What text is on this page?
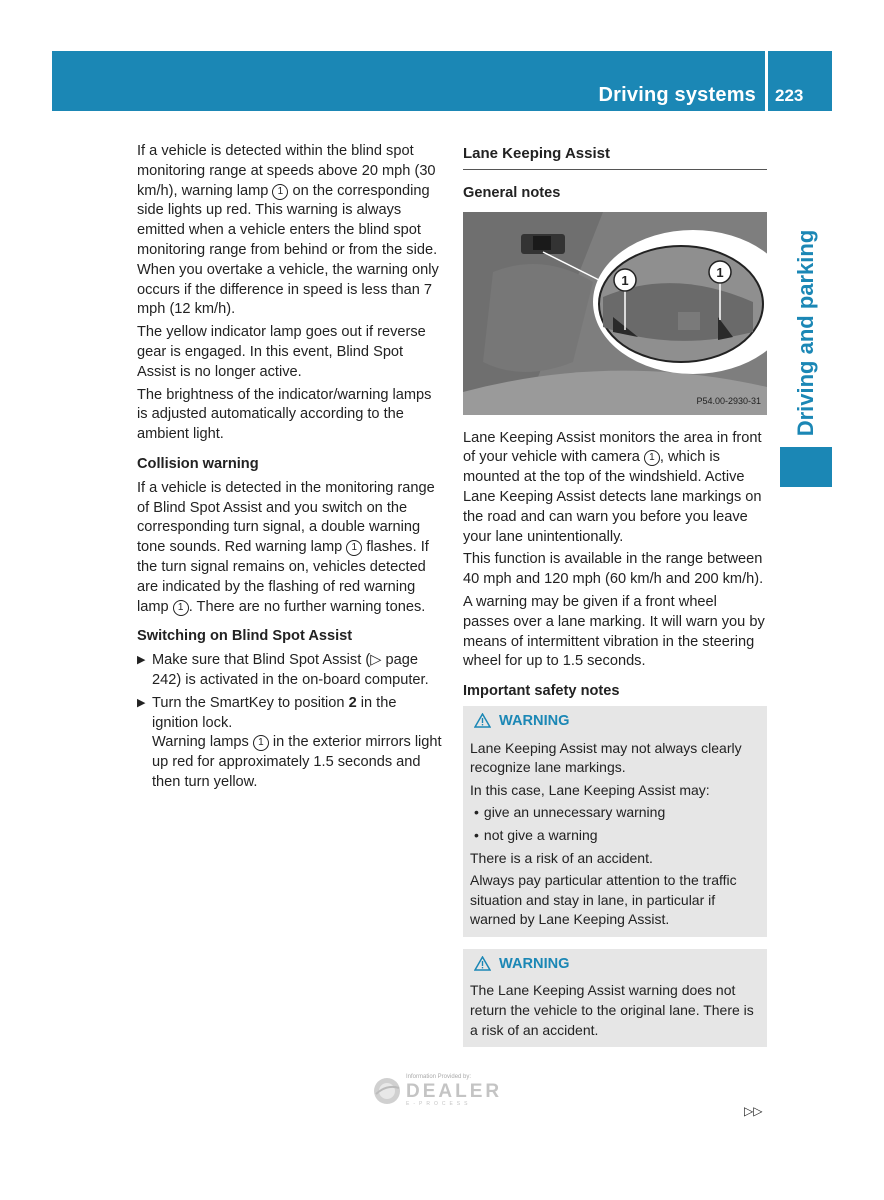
Driving systems 223
Driving and parking

If a vehicle is detected within the blind spot monitoring range at speeds above 20 mph (30 km/h), warning lamp 1 on the corresponding side lights up red. This warning is always emitted when a vehicle enters the blind spot monitoring range from behind or from the side. When you overtake a vehicle, the warning only occurs if the difference in speed is less than 7 mph (12 km/h).

The yellow indicator lamp goes out if reverse gear is engaged. In this event, Blind Spot Assist is no longer active.

The brightness of the indicator/warning lamps is adjusted automatically according to the ambient light.

Collision warning

If a vehicle is detected in the monitoring range of Blind Spot Assist and you switch on the corresponding turn signal, a double warning tone sounds. Red warning lamp 1 flashes. If the turn signal remains on, vehicles detected are indicated by the flashing of red warning lamp 1 . There are no further warning tones.

Switching on Blind Spot Assist
▶ Make sure that Blind Spot Assist (▷ page 242) is activated in the on-board computer.
▶ Turn the SmartKey to position 2 in the ignition lock.
Warning lamps 1 in the exterior mirrors light up red for approximately 1.5 seconds and then turn yellow.
Lane Keeping Assist
General notes
1
1
P54.00-2930-31

Lane Keeping Assist monitors the area in front of your vehicle with camera 1 , which is mounted at the top of the windshield. Active Lane Keeping Assist detects lane markings on the road and can warn you before you leave your lane unintentionally.

This function is available in the range between 40 mph and 120 mph (60 km/h and 200 km/h).

A warning may be given if a front wheel passes over a lane marking. It will warn you by means of intermittent vibration in the steering wheel for up to 1.5 seconds.

Important safety notes
WARNING

Lane Keeping Assist may not always clearly recognize lane markings.

In this case, Lane Keeping Assist may:

• give an unnecessary warning
• not give a warning

There is a risk of an accident.

Always pay particular attention to the traffic situation and stay in lane, in particular if warned by Lane Keeping Assist.

WARNING

The Lane Keeping Assist warning does not return the vehicle to the original lane. There is a risk of an accident.

Information Provided by:
DEALER
E-PROCESS	▷▷
